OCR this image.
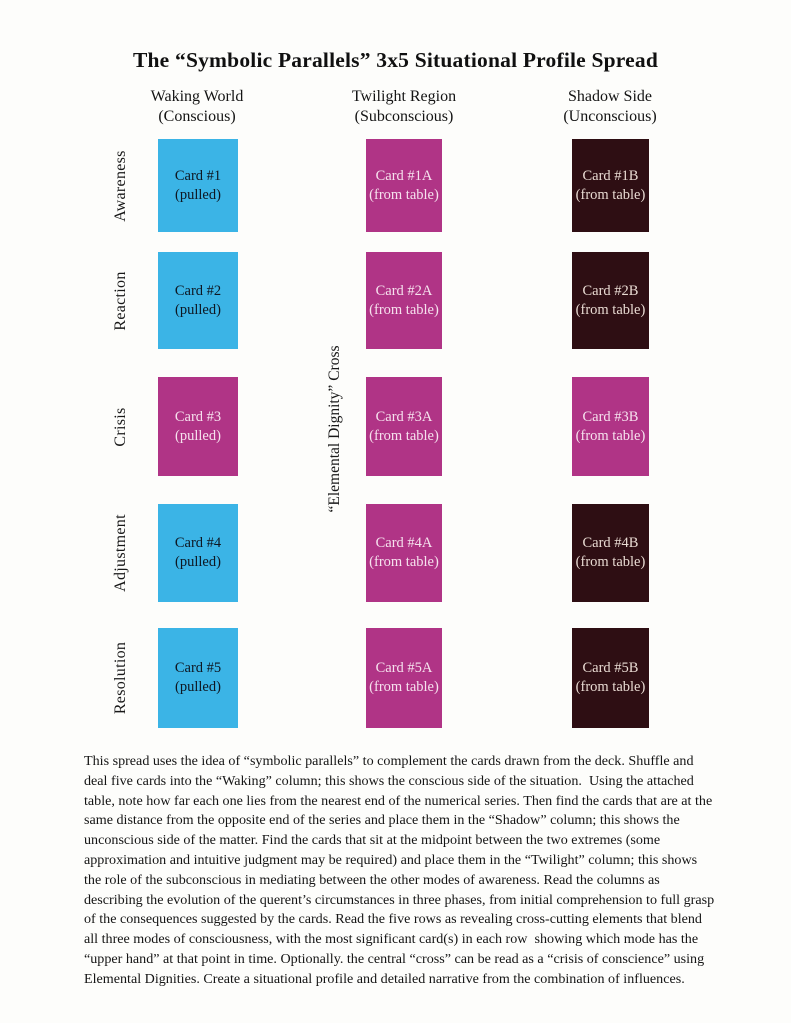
The “Symbolic Parallels” 3x5 Situational Profile Spread
Waking World
(Conscious)
Twilight Region
(Subconscious)
Shadow Side
(Unconscious)
Awareness	Card #1
(pulled)
Card #1A
(from table)
Card #1B
(from table)
Reaction	Card #2
(pulled)
Card #2A
(from table)
Card #2B
(from table)
Crisis	Card #3
(pulled)
Card #3A
(from table)
Card #3B
(from table)
Adjustment	Card #4
(pulled)
Card #4A
(from table)
Card #4B
(from table)
Resolution	Card #5
(pulled)
Card #5A
(from table)
Card #5B
(from table)
“Elemental Dignity” Cross
This spread uses the idea of “symbolic parallels” to complement the cards drawn from the deck. Shuffle and
deal five cards into the “Waking” column; this shows the conscious side of the situation.  Using the attached
table, note how far each one lies from the nearest end of the numerical series. Then find the cards that are at the
same distance from the opposite end of the series and place them in the “Shadow” column; this shows the
unconscious side of the matter. Find the cards that sit at the midpoint between the two extremes (some
approximation and intuitive judgment may be required) and place them in the “Twilight” column; this shows
the role of the subconscious in mediating between the other modes of awareness. Read the columns as
describing the evolution of the querent’s circumstances in three phases, from initial comprehension to full grasp
of the consequences suggested by the cards. Read the five rows as revealing cross-cutting elements that blend
all three modes of consciousness, with the most significant card(s) in each row  showing which mode has the
“upper hand” at that point in time. Optionally. the central “cross” can be read as a “crisis of conscience” using
Elemental Dignities. Create a situational profile and detailed narrative from the combination of influences.
